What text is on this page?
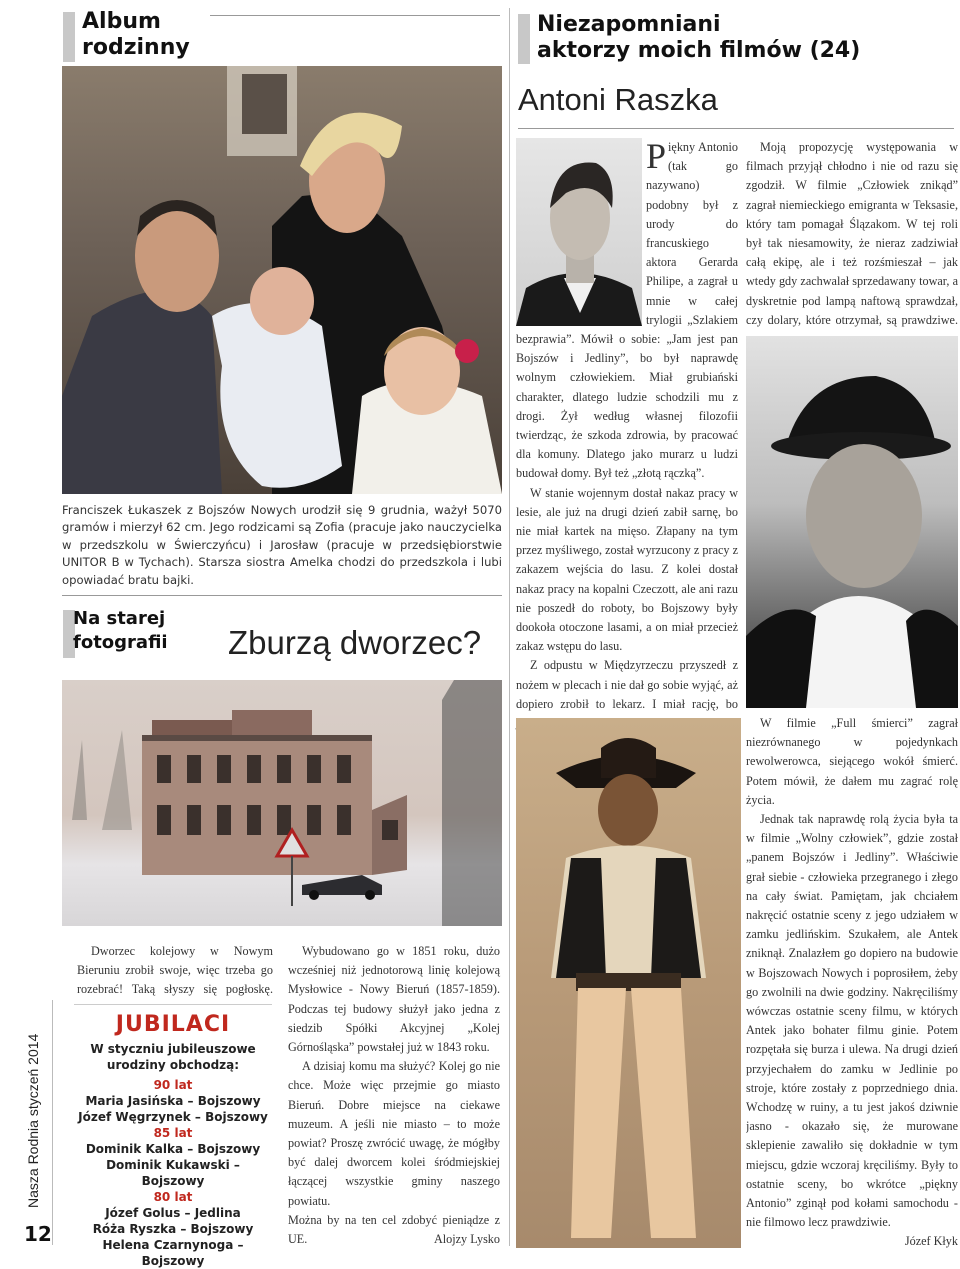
Nasza Rodnia styczeń 2014
12
Album
rodzinny
Franciszek Łukaszek z Bojszów Nowych urodził się 9 grudnia, ważył 5070 gramów i mierzył 62 cm. Jego rodzicami są Zofia (pracuje jako nauczycielka w przedszkolu w Świerczyńcu) i Jarosław (pracuje w przedsiębiorstwie UNITOR B w Tychach). Starsza siostra Amelka chodzi do przedszkola i lubi opowiadać bratu bajki.
Na starej
fotografii Zburzą dworzec?

Dworzec kolejowy w Nowym Bieruniu zrobił swoje, więc trzeba go rozebrać! Taką słyszy się pogłoskę.

JUBILACI
W styczniu jubileuszowe
urodziny obchodzą:
90 lat
Maria Jasińska – Bojszowy
Józef Węgrzynek – Bojszowy
85 lat
Dominik Kalka – Bojszowy
Dominik Kukawski – Bojszowy
80 lat
Józef Golus – Jedlina
Róża Ryszka – Bojszowy
Helena Czarnynoga – Bojszowy

Wybudowano go w 1851 roku, dużo wcześniej niż jednotorową linię kolejową Mysłowice - Nowy Bieruń (1857-1859). Podczas tej budowy służył jako jedna z siedzib Spółki Akcyjnej „Kolej Górnośląska” powstałej już w 1843 roku.

A dzisiaj komu ma służyć? Kolej go nie chce. Może więc przejmie go miasto Bieruń. Dobre miejsce na ciekawe muzeum. A jeśli nie miasto – to może powiat? Proszę zwrócić uwagę, że mógłby być dalej dworcem kolei śródmiejskiej łączącej wszystkie gminy naszego powiatu.

Można by na ten cel zdobyć pieniądze z UE.	Alojzy Lysko
Niezapomniani
aktorzy moich filmów (24)
Antoni Raszka
P iękny Antonio (tak go nazywano) podobny był z urody do francuskiego aktora Gerarda Philipe, a zagrał u mnie w całej trylogii „Szlakiem bezprawia”. Mówił o sobie: „Jam jest pan Bojszów i Jedliny”, bo był naprawdę wolnym człowiekiem. Miał grubiański charakter, dlatego ludzie schodzili mu z drogi. Żył według własnej filozofii twierdząc, że szkoda zdrowia, by pracować dla komuny. Dlatego jako murarz u ludzi budował domy. Był też „złotą rączką”.

W stanie wojennym dostał nakaz pracy w lesie, ale już na drugi dzień zabił sarnę, bo nie miał kartek na mięso. Złapany na tym przez myśliwego, został wyrzucony z pracy z zakazem wejścia do lasu. Z kolei dostał nakaz pracy na kopalni Czeczott, ale ani razu nie poszedł do roboty, bo Bojszowy były dookoła otoczone lasami, a on miał przecież zakaz wstępu do lasu.

Z odpustu w Międzyrzeczu przyszedł z nożem w plecach i nie dał go sobie wyjąć, aż dopiero zrobił to lekarz. I miał rację, bo

Moją propozycję występowania w filmach przyjął chłodno i nie od razu się zgodził. W filmie „Człowiek znikąd” zagrał niemieckiego emigranta w Teksasie, który tam pomagał Ślązakom. W tej roli był tak niesamowity, że nieraz zadziwiał całą ekipę, ale i też rozśmieszał – jak wtedy gdy zachwalał sprzedawany towar, a dyskretnie pod lampą naftową sprawdzał, czy dolary, które otrzymał, są prawdziwe.

W filmie „Full śmierci” zagrał niezrównanego w pojedynkach rewolwerowca, siejącego wokół śmierć. Potem mówił, że dałem mu zagrać rolę życia.

Jednak tak naprawdę rolą życia była ta w filmie „Wolny człowiek”, gdzie został „panem Bojszów i Jedliny”. Właściwie grał siebie - człowieka przegranego i złego na cały świat. Pamiętam, jak chciałem nakręcić ostatnie sceny z jego udziałem w zamku jedlińskim. Szukałem, ale Antek zniknął. Znalazłem go dopiero na budowie w Bojszowach Nowych i poprosiłem, żeby go zwolnili na dwie godziny. Nakręciliśmy wówczas ostatnie sceny filmu, w których Antek jako bohater filmu ginie. Potem rozpętała się burza i ulewa. Na drugi dzień przyjechałem do zamku w Jedlinie po stroje, które zostały z poprzedniego dnia. Wchodzę w ruiny, a tu jest jakoś dziwnie jasno - okazało się, że murowane sklepienie zawaliło się dokładnie w tym miejscu, gdzie wczoraj kręciliśmy. Były to ostatnie sceny, bo wkrótce „piękny Antonio” zginął pod kołami samochodu - nie filmowo lecz prawdziwie.

Józef Kłyk
